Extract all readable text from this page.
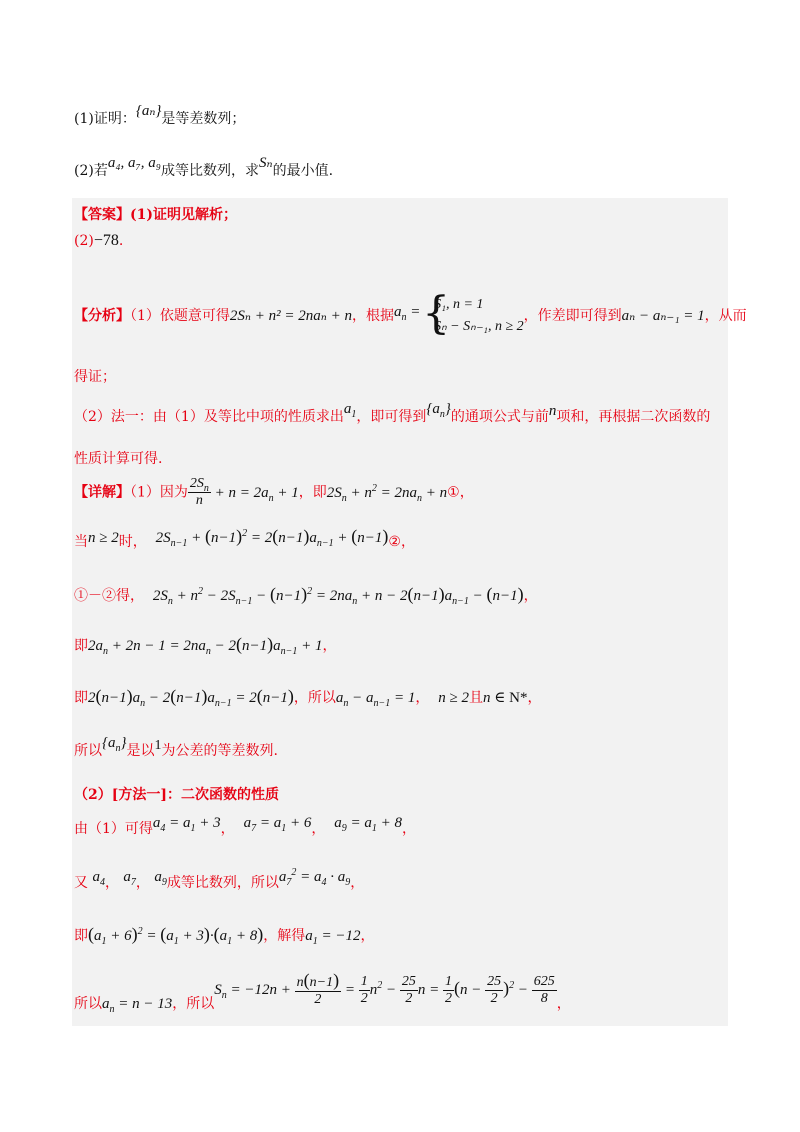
(1)证明：{aₙ}是等差数列；
(2)若a₄, a₇, a₉成等比数列，求Sₙ的最小值.
【答案】(1)证明见解析；
(2)−78.
【分析】（1）依题意可得2Sₙ + n² = 2naₙ + n，根据$a_n$ =
{ S₁, n = 1
Sₙ − Sₙ₋₁, n ≥ 2
，作差即可得到aₙ − aₙ₋₁ = 1，从而
得证；
（2）法一：由（1）及等比中项的性质求出$a_1$，即可得到$\{a_n\}$的通项公式与前n项和，再根据二次函数的
性质计算可得.
【详解】（1）因为 $\frac{2S_n}{n} + n = 2a_n + 1$，即$2S_n + n^2 = 2na_n$ + n①，
当n ≥ 2时， $2S_{n-1} + (n-1)^2 = 2(n-1)a_{n-1}$ + (n−1)②，
①－②得， $2S_n + n^2 - 2S_{n-1} - (n-1)^2 = 2na_n + n - 2(n-1)a_{n-1} - (n-1)$，
即$2a_n + 2n - 1 = 2na_n - 2(n-1)a_{n-1} + 1$，
即$2(n-1)a_n - 2(n-1)a_{n-1} = 2(n-1)$，所以$a_n - a_{n-1} = 1$， n ≥ 2且n ∈ N*，
所以$\{a_n\}$是以1为公差的等差数列.
（2）[方法一]：二次函数的性质
由（1）可得$a_4 = a_1 + 3$， $a_7 = a_1 + 6$， $a_9 = a_1 + 8$，
又 $a_4$， $a_7$， $a_9$成等比数列，所以$a_7^2 = a_4 \cdot a_9$，
即$(a_1 + 6)^2 = (a_1 + 3)\cdot(a_1 + 8)$，解得$a_1 = -12$，
所以$a_n = n - 13$，所以$S_n = -12n + \frac{n(n-1)}{2} = \frac{1}{2} n^2 - \frac{25}{2}$ $n = \frac{1}{2} (n - \frac{25}{2} )^2 - \frac{625}{8}$ ，
